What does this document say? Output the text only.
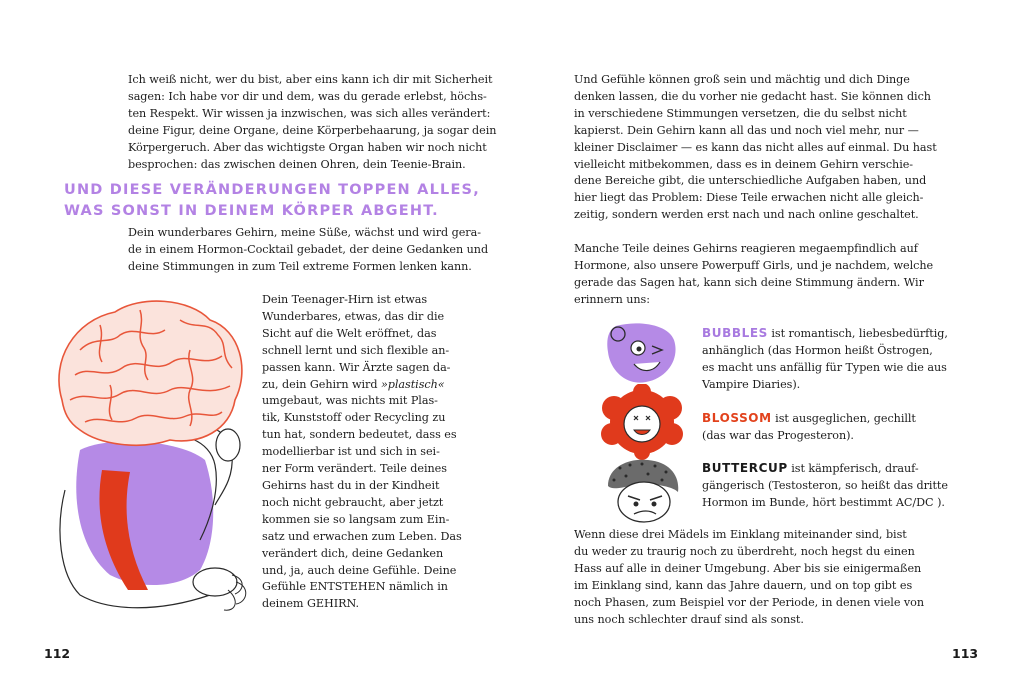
Ich weiß nicht, wer du bist, aber eins kann ich dir mit Sicherheit
sagen: Ich habe vor dir und dem, was du gerade erlebst, höchs-
ten Respekt. Wir wissen ja inzwischen, was sich alles verändert:
deine Figur, deine Organe, deine Körperbehaarung, ja sogar dein
Körpergeruch. Aber das wichtigste Organ haben wir noch nicht
besprochen: das zwischen deinen Ohren, dein Teenie-Brain.
UND DIESE VERÄNDERUNGEN TOPPEN ALLES,
WAS SONST IN DEINEM KÖRPER ABGEHT.
Dein wunderbares Gehirn, meine Süße, wächst und wird gera-
de in einem Hormon-Cocktail gebadet, der deine Gedanken und
deine Stimmungen in zum Teil extreme Formen lenken kann.
Dein Teenager-Hirn ist etwas
Wunderbares, etwas, das dir die
Sicht auf die Welt eröffnet, das
schnell lernt und sich flexible an-
passen kann. Wir Ärzte sagen da-
zu, dein Gehirn wird »plastisch«
umgebaut, was nichts mit Plas-
tik, Kunststoff oder Recycling zu
tun hat, sondern bedeutet, dass es
modellierbar ist und sich in sei-
ner Form verändert. Teile deines
Gehirns hast du in der Kindheit
noch nicht gebraucht, aber jetzt
kommen sie so langsam zum Ein-
satz und erwachen zum Leben. Das
verändert dich, deine Gedanken
und, ja, auch deine Gefühle. Deine
Gefühle ENTSTEHEN nämlich in
deinem GEHIRN.
112
Und Gefühle können groß sein und mächtig und dich Dinge
denken lassen, die du vorher nie gedacht hast. Sie können dich
in verschiedene Stimmungen versetzen, die du selbst nicht
kapierst. Dein Gehirn kann all das und noch viel mehr, nur —
kleiner Disclaimer — es kann das nicht alles auf einmal. Du hast
vielleicht mitbekommen, dass es in deinem Gehirn verschie-
dene Bereiche gibt, die unterschiedliche Aufgaben haben, und
hier liegt das Problem: Diese Teile erwachen nicht alle gleich-
zeitig, sondern werden erst nach und nach online geschaltet.
Manche Teile deines Gehirns reagieren megaempfindlich auf
Hormone, also unsere Powerpuff Girls, und je nachdem, welche
gerade das Sagen hat, kann sich deine Stimmung ändern. Wir
erinnern uns:
BUBBLES ist romantisch, liebesbedürftig,
anhänglich (das Hormon heißt Östrogen,
es macht uns anfällig für Typen wie die aus
Vampire Diaries).
BLOSSOM ist ausgeglichen, gechillt
(das war das Progesteron).
BUTTERCUP ist kämpferisch, drauf-
gängerisch (Testosteron, so heißt das dritte
Hormon im Bunde, hört bestimmt AC/DC ).
Wenn diese drei Mädels im Einklang miteinander sind, bist
du weder zu traurig noch zu überdreht, noch hegst du einen
Hass auf alle in deiner Umgebung. Aber bis sie einigermaßen
im Einklang sind, kann das Jahre dauern, und on top gibt es
noch Phasen, zum Beispiel vor der Periode, in denen viele von
uns noch schlechter drauf sind als sonst.
113
